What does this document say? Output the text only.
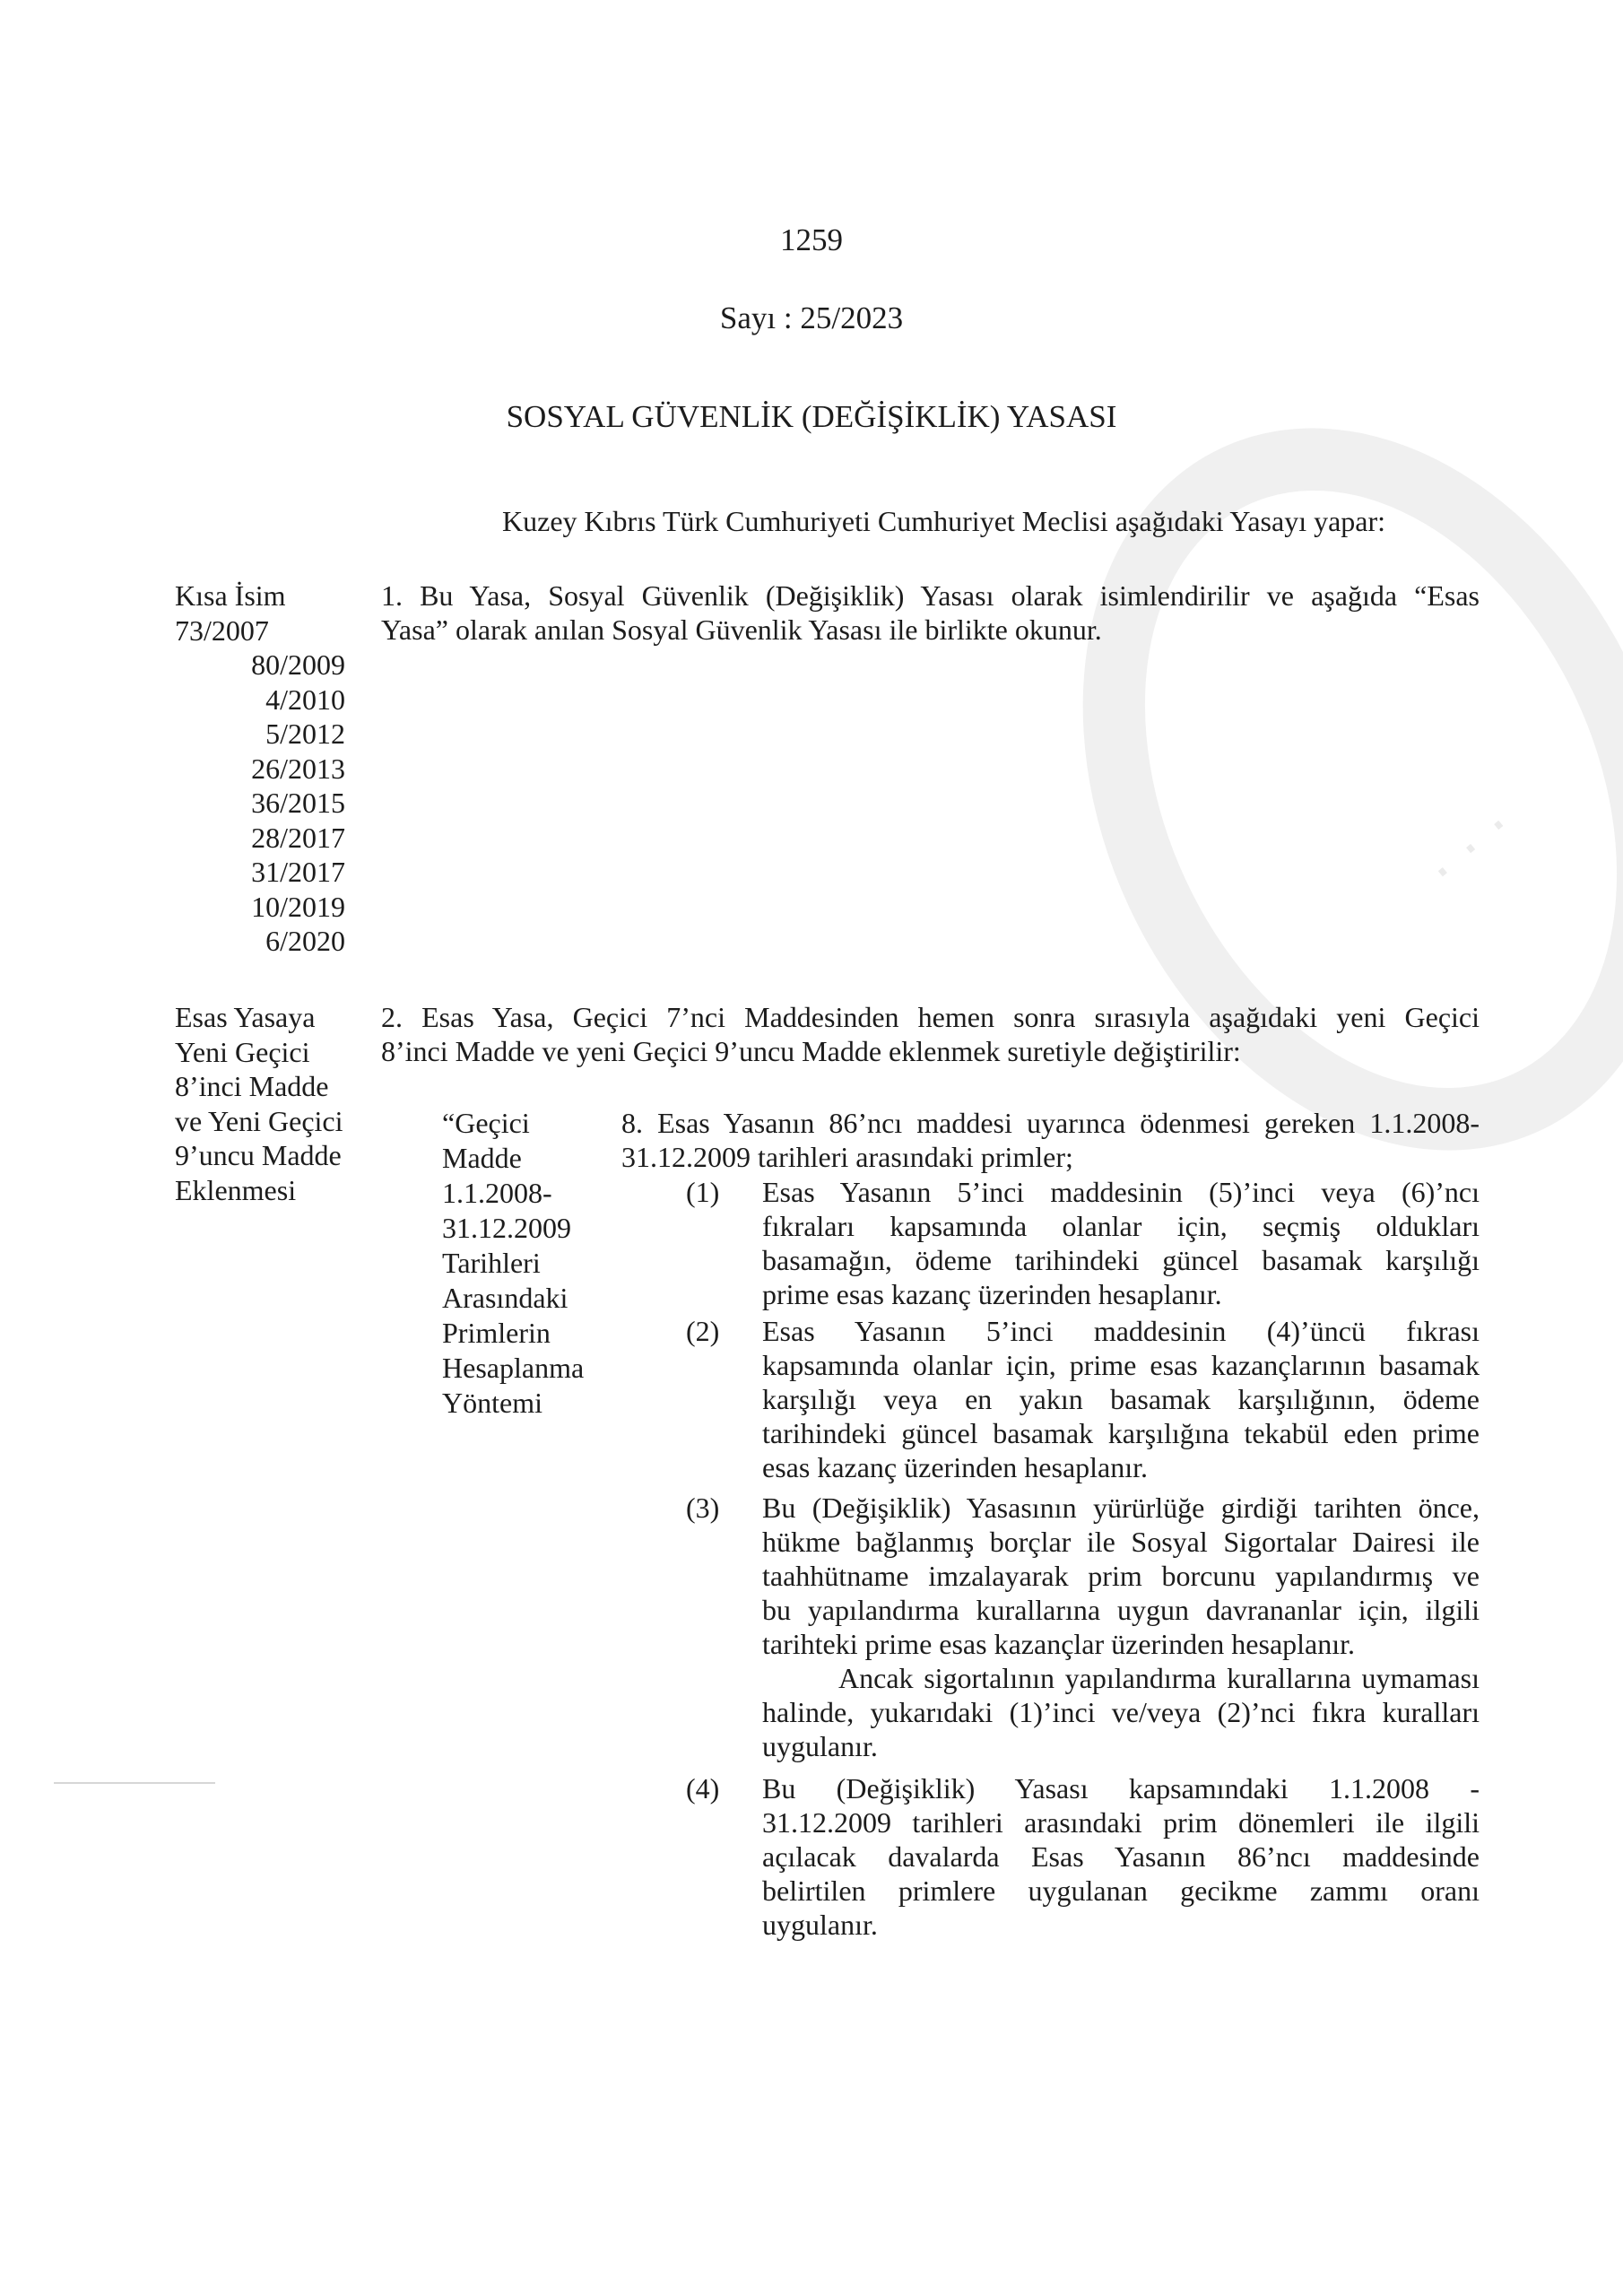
· · ·
1259
Sayı : 25/2023
SOSYAL GÜVENLİK (DEĞİŞİKLİK) YASASI
Kuzey Kıbrıs Türk Cumhuriyeti Cumhuriyet Meclisi aşağıdaki Yasayı yapar:
Kısa İsim
73/2007
80/2009
4/2010
5/2012
26/2013
36/2015
28/2017
31/2017
10/2019
6/2020
1. Bu Yasa, Sosyal Güvenlik (Değişiklik) Yasası olarak isimlendirilir ve aşağıda “Esas
Yasa” olarak anılan Sosyal Güvenlik Yasası ile birlikte okunur.
Esas Yasaya
Yeni Geçici
8’inci Madde
ve Yeni Geçici
9’uncu Madde
Eklenmesi
2. Esas Yasa, Geçici 7’nci Maddesinden hemen sonra sırasıyla aşağıdaki yeni Geçici
8’inci Madde ve yeni Geçici 9’uncu Madde eklenmek suretiyle değiştirilir:
“Geçici
Madde
1.1.2008-
31.12.2009
Tarihleri
Arasındaki
Primlerin
Hesaplanma
Yöntemi
8. Esas Yasanın 86’ncı maddesi uyarınca ödenmesi gereken 1.1.2008-
31.12.2009 tarihleri arasındaki primler;
(1) Esas Yasanın 5’inci maddesinin (5)’inci veya (6)’ncı
fıkraları kapsamında olanlar için, seçmiş oldukları
basamağın, ödeme tarihindeki güncel basamak karşılığı
prime esas kazanç üzerinden hesaplanır.
(2) Esas Yasanın 5’inci maddesinin (4)’üncü fıkrası
kapsamında olanlar için, prime esas kazançlarının basamak
karşılığı veya en yakın basamak karşılığının, ödeme
tarihindeki güncel basamak karşılığına tekabül eden prime
esas kazanç üzerinden hesaplanır.
(3) Bu (Değişiklik) Yasasının yürürlüğe girdiği tarihten önce,
hükme bağlanmış borçlar ile Sosyal Sigortalar Dairesi ile
taahhütname imzalayarak prim borcunu yapılandırmış ve
bu yapılandırma kurallarına uygun davrananlar için, ilgili
tarihteki prime esas kazançlar üzerinden hesaplanır.
Ancak sigortalının yapılandırma kurallarına uymaması
halinde, yukarıdaki (1)’inci ve/veya (2)’nci fıkra kuralları
uygulanır.
(4) Bu (Değişiklik) Yasası kapsamındaki 1.1.2008 -
31.12.2009 tarihleri arasındaki prim dönemleri ile ilgili
açılacak davalarda Esas Yasanın 86’ncı maddesinde
belirtilen primlere uygulanan gecikme zammı oranı
uygulanır.
